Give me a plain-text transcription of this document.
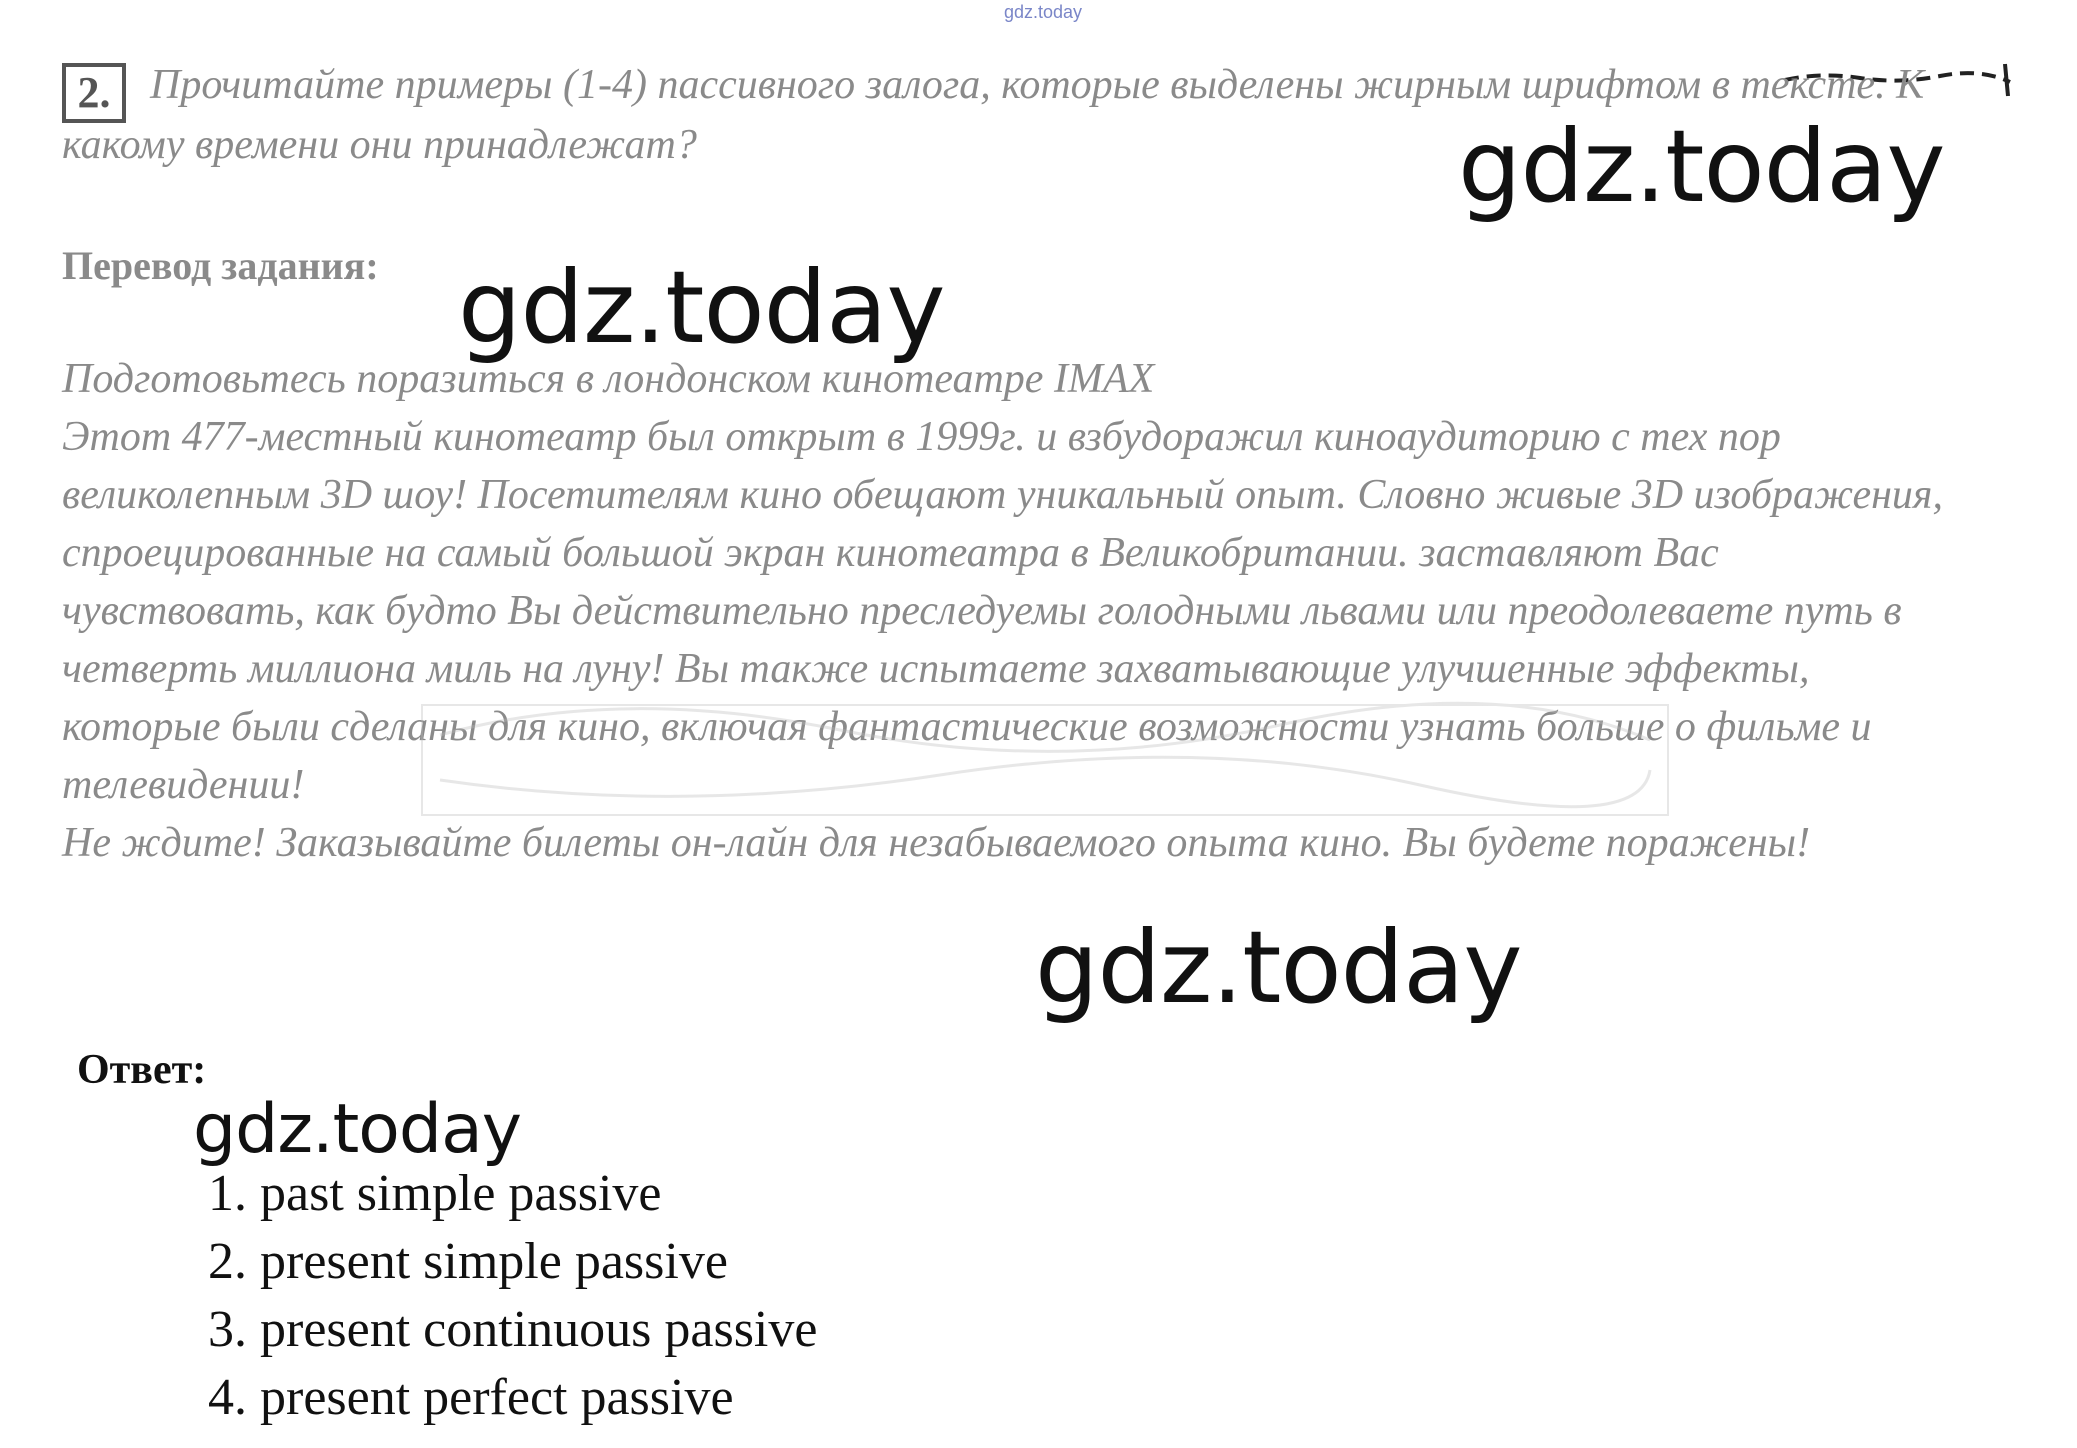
gdz.today

2. Прочитайте примеры (1-4) пассивного залога, которые выделены жирным шрифтом в тексте. К какому времени они принадлежат?

Перевод задания:

Подготовьтесь поразиться в лондонском кинотеатре IMAX

Этот 477-местный кинотеатр был открыт в 1999г. и взбудоражил киноаудиторию с тех пор великолепным 3D шоу! Посетителям кино обещают уникальный опыт. Словно живые 3D изображения, спроецированные на самый большой экран кинотеатра в Великобритании. заставляют Вас чувствовать, как будто Вы действительно преследуемы голодными львами или преодолеваете путь в четверть миллиона миль на луну! Вы также испытаете захватывающие улучшенные эффекты, которые были сделаны для кино, включая фантастические возможности узнать больше о фильме и телевидении!

Не ждите! Заказывайте билеты он-лайн для незабываемого опыта кино. Вы будете поражены!

Ответ:
1. past simple passive
2. present simple passive
3. present continuous passive
4. present perfect passive

gdz.today

gdz.today

gdz.today

gdz.today
